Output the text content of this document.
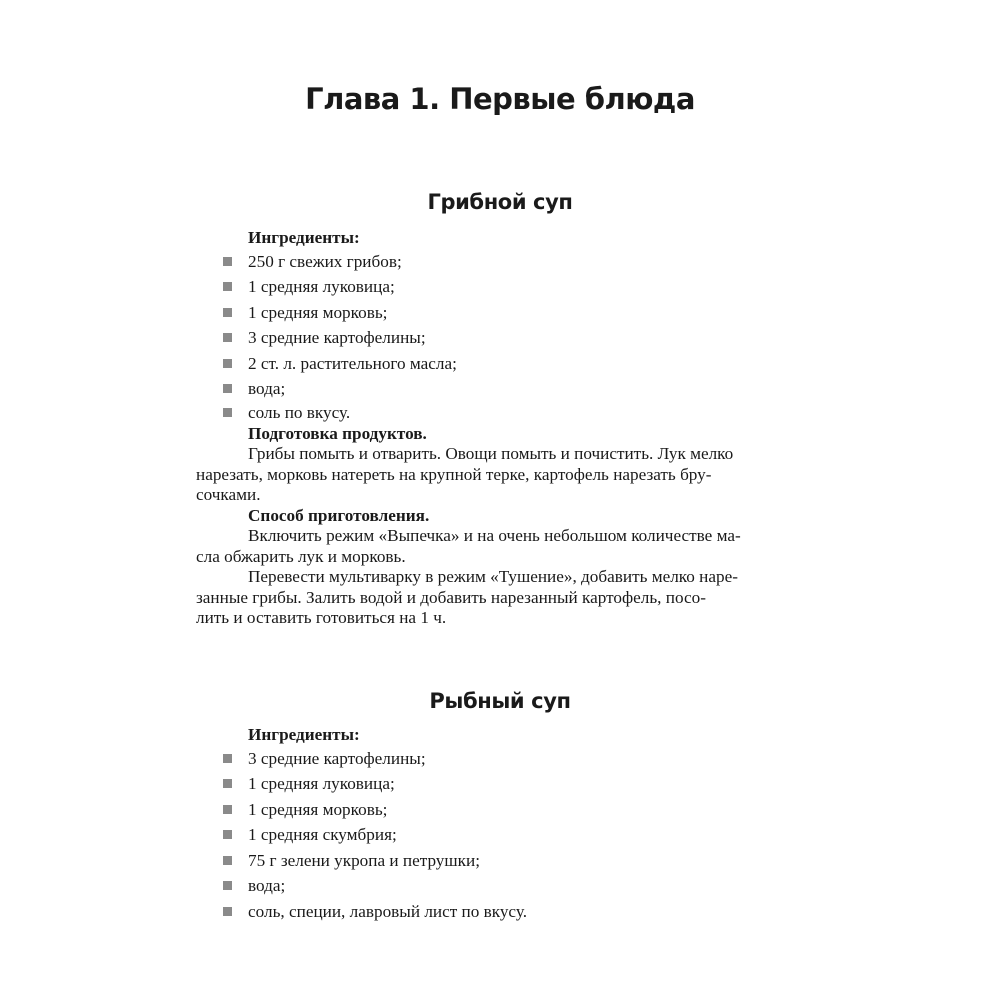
Глава 1. Первые блюда
Грибной суп
Ингредиенты:
250 г свежих грибов;
1 средняя луковица;
1 средняя морковь;
3 средние картофелины;
2 ст. л. растительного масла;
вода;
соль по вкусу.
Подготовка продуктов.

Грибы помыть и отварить. Овощи помыть и почистить. Лук мелко
нарезать, морковь натереть на крупной терке, картофель нарезать бру-
сочками.

Способ приготовления.

Включить режим «Выпечка» и на очень небольшом количестве ма-
сла обжарить лук и морковь.

Перевести мультиварку в режим «Тушение», добавить мелко наре-
занные грибы. Залить водой и добавить нарезанный картофель, посо-
лить и оставить готовиться на 1 ч.

Рыбный суп
Ингредиенты:
3 средние картофелины;
1 средняя луковица;
1 средняя морковь;
1 средняя скумбрия;
75 г зелени укропа и петрушки;
вода;
соль, специи, лавровый лист по вкусу.
